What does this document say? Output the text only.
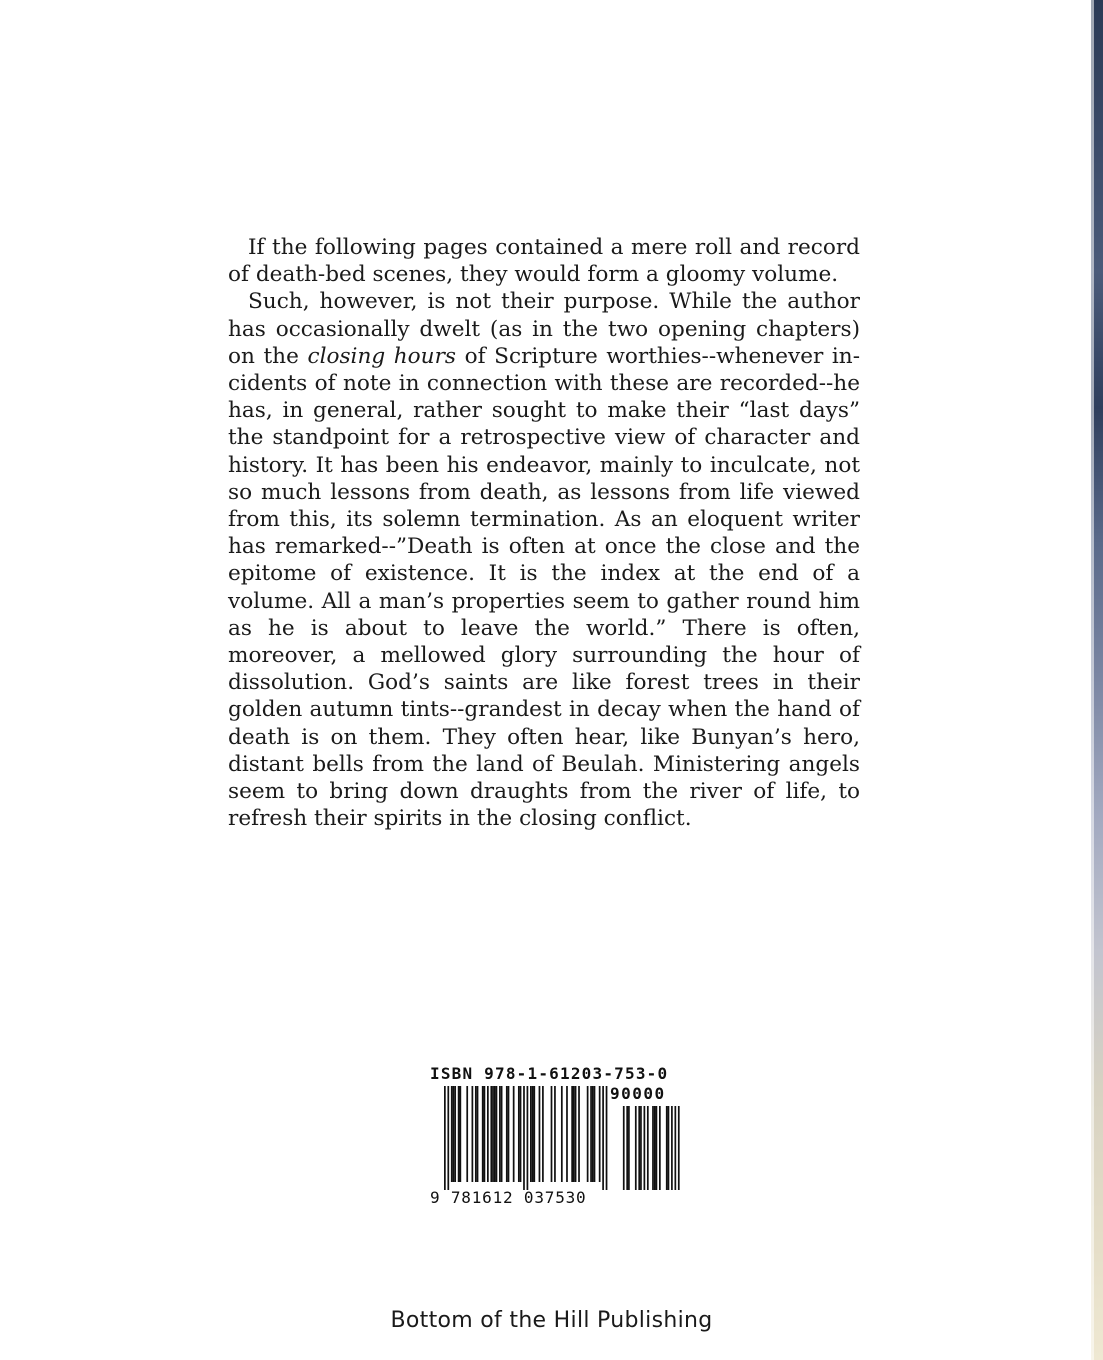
If the following pages contained a mere roll and record of death-bed scenes, they would form a gloomy volume.

Such, however, is not their purpose. While the author has occasionally dwelt (as in the two opening chapters) on the closing hours of Scripture worthies--whenever incidents of note in connection with these are recorded--he has, in general, rather sought to make their “last days” the standpoint for a retrospective view of character and history. It has been his endeavor, mainly to inculcate, not so much lessons from death, as lessons from life viewed from this, its solemn termination. As an eloquent writer has remarked--”Death is often at once the close and the epitome of existence. It is the index at the end of a volume. All a man’s properties seem to gather round him as he is about to leave the world.” There is often, moreover, a mellowed glory surrounding the hour of dissolution. God’s saints are like forest trees in their golden autumn tints--grandest in decay when the hand of death is on them. They often hear, like Bunyan’s hero, distant bells from the land of Beulah. Ministering angels seem to bring down draughts from the river of life, to refresh their spirits in the closing conflict.

ISBN 978-1-61203-753-0
9 781612 037530
90000
Bottom of the Hill Publishing
